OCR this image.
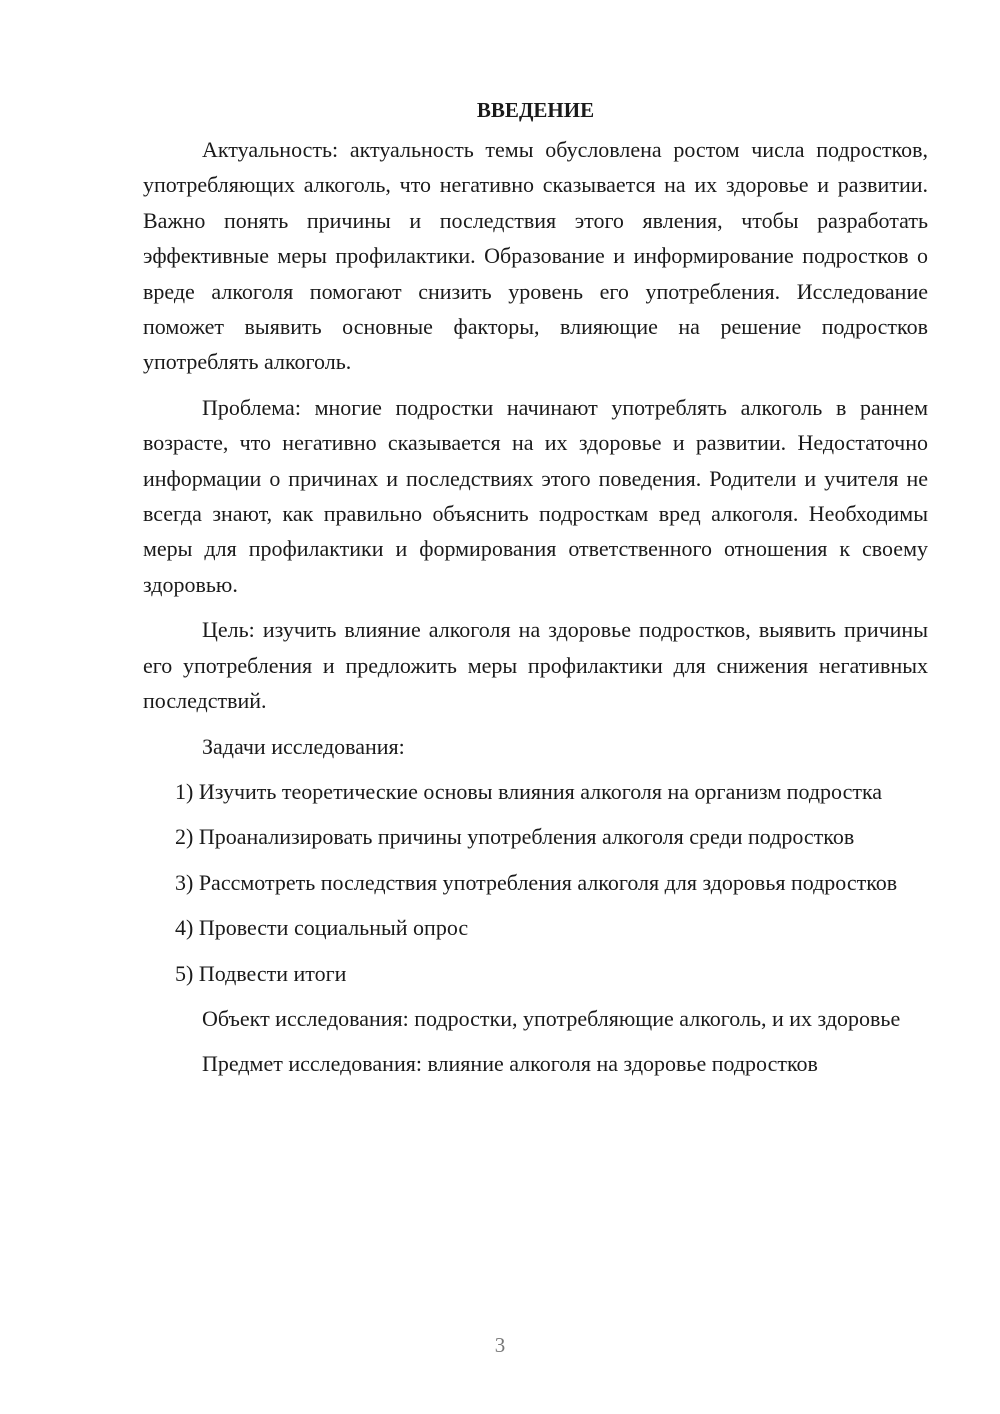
ВВЕДЕНИЕ

Актуальность: актуальность темы обусловлена ростом числа подростков, употребляющих алкоголь, что негативно сказывается на их здоровье и развитии. Важно понять причины и последствия этого явления, чтобы разработать эффективные меры профилактики. Образование и информирование подростков о вреде алкоголя помогают снизить уровень его употребления. Исследование поможет выявить основные факторы, влияющие на решение подростков употреблять алкоголь.

Проблема: многие подростки начинают употреблять алкоголь в раннем возрасте, что негативно сказывается на их здоровье и развитии. Недостаточно информации о причинах и последствиях этого поведения. Родители и учителя не всегда знают, как правильно объяснить подросткам вред алкоголя. Необходимы меры для профилактики и формирования ответственного отношения к своему здоровью.

Цель: изучить влияние алкоголя на здоровье подростков, выявить причины его употребления и предложить меры профилактики для снижения негативных последствий.

Задачи исследования:

1) Изучить теоретические основы влияния алкоголя на организм подростка

2) Проанализировать причины употребления алкоголя среди подростков

3) Рассмотреть последствия употребления алкоголя для здоровья подростков

4) Провести социальный опрос

5) Подвести итоги

Объект исследования: подростки, употребляющие алкоголь, и их здоровье

Предмет исследования: влияние алкоголя на здоровье подростков

3
